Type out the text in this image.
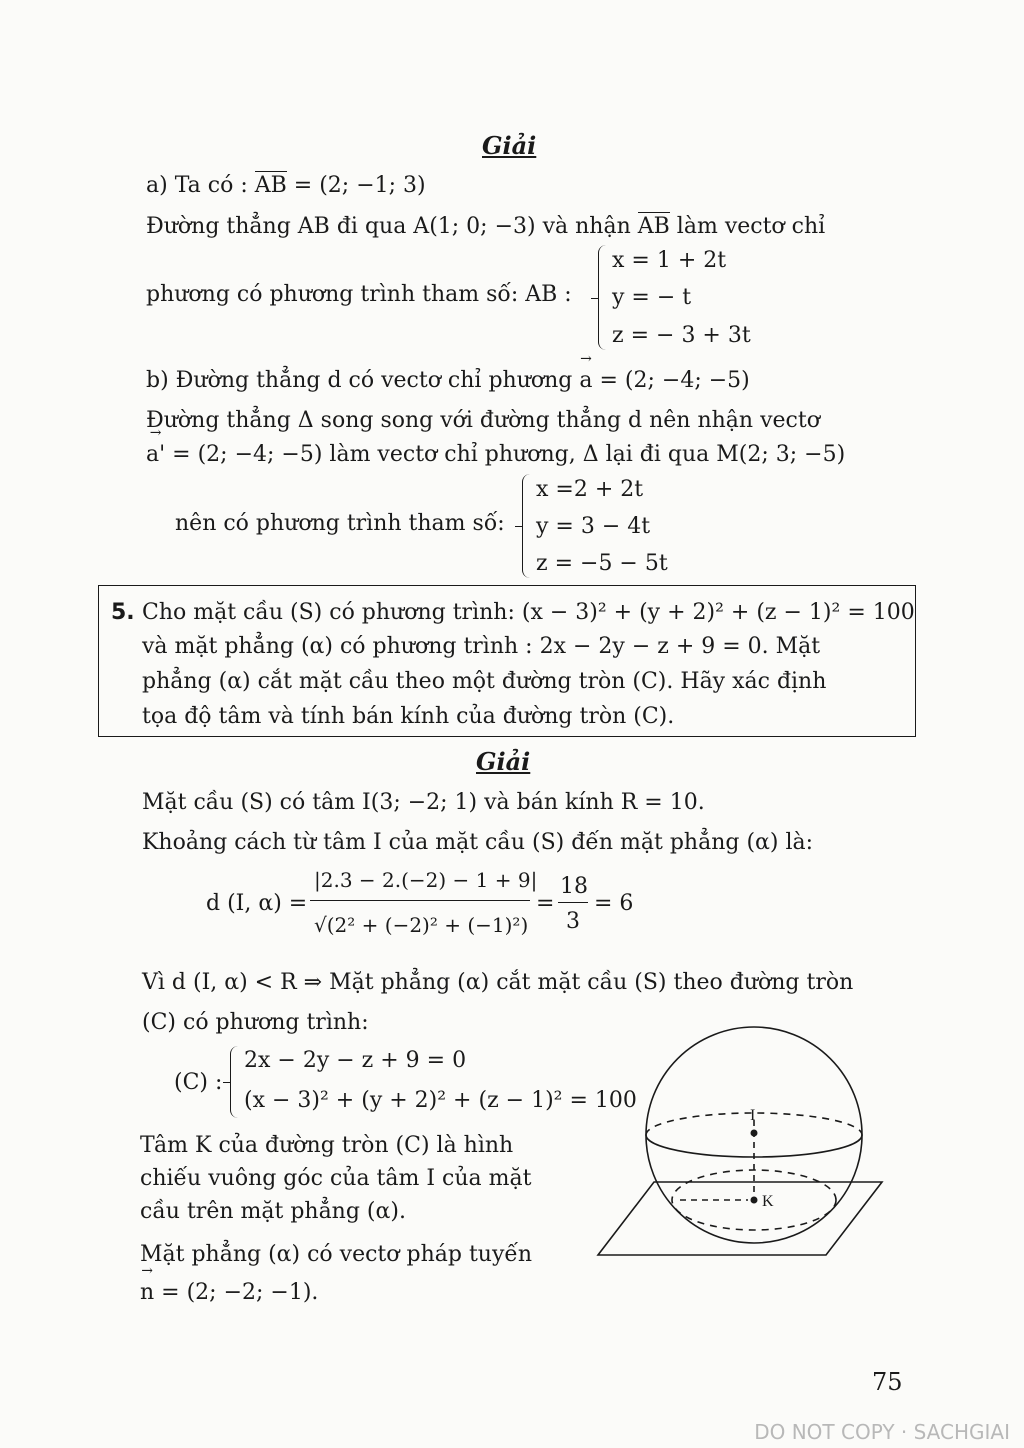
Giải
a) Ta có : AB = (2; −1; 3)
Đường thẳng AB đi qua A(1; 0; −3) và nhận AB làm vectơ chỉ
phương có phương trình tham số: AB :
x = 1 + 2t
y = − t
z = − 3 + 3t
b) Đường thẳng d có vectơ chỉ phương → a = (2; −4; −5)
Đường thẳng Δ song song với đường thẳng d nên nhận vectơ
→ a' = (2; −4; −5) làm vectơ chỉ phương, Δ lại đi qua M(2; 3; −5)
nên có phương trình tham số:
x =2 + 2t
y = 3 − 4t
z = −5 − 5t
5. Cho mặt cầu (S) có phương trình: (x − 3)² + (y + 2)² + (z − 1)² = 100
và mặt phẳng (α) có phương trình : 2x − 2y − z + 9 = 0. Mặt
phẳng (α) cắt mặt cầu theo một đường tròn (C). Hãy xác định
tọa độ tâm và tính bán kính của đường tròn (C).
Giải
Mặt cầu (S) có tâm I(3; −2; 1) và bán kính R = 10.
Khoảng cách từ tâm I của mặt cầu (S) đến mặt phẳng (α) là:
d (I, α) =
|2.3 − 2.(−2) − 1 + 9|
√(2² + (−2)² + (−1)²)
=
18
3
= 6
Vì d (I, α) < R ⇒ Mặt phẳng (α) cắt mặt cầu (S) theo đường tròn
(C) có phương trình:
(C) :
2x − 2y − z + 9 = 0
(x − 3)² + (y + 2)² + (z − 1)² = 100
Tâm K của đường tròn (C) là hình
chiếu vuông góc của tâm I của mặt
cầu trên mặt phẳng (α).
Mặt phẳng (α) có vectơ pháp tuyến
→ n = (2; −2; −1).
I
K
75
DO NOT COPY · SACHGIAI
